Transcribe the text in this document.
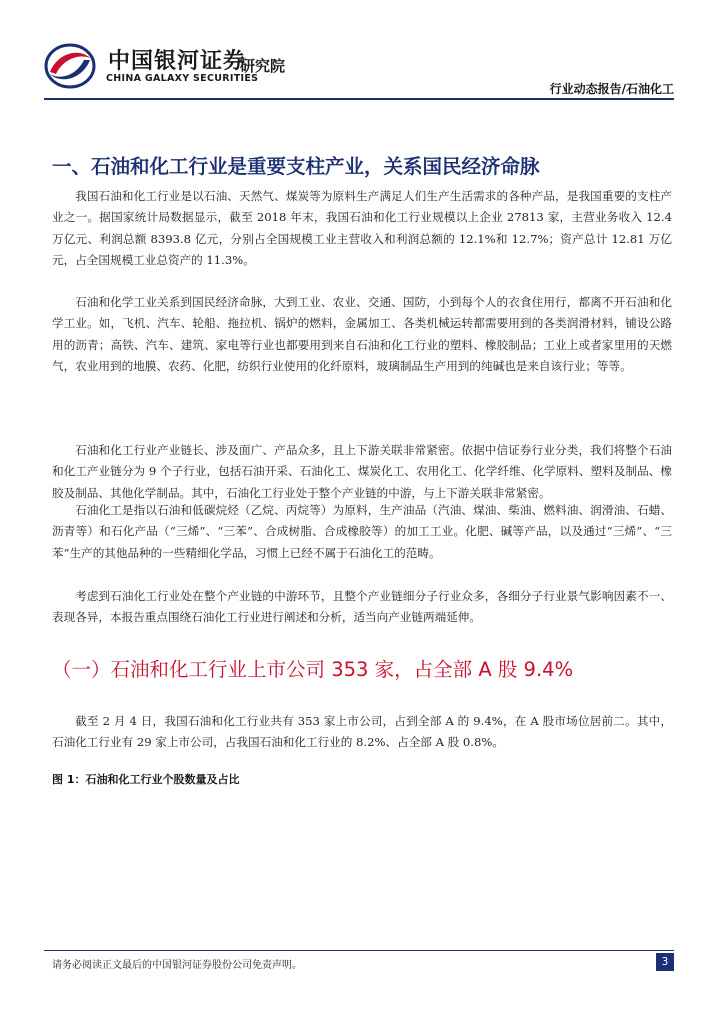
中国银河证券
CHINA GALAXY SECURITIES
研究院
行业动态报告/石油化工
一、石油和化工行业是重要支柱产业，关系国民经济命脉
我国石油和化工行业是以石油、天然气、煤炭等为原料生产满足人们生产生活需求的各种产品，是我国重要的支柱产业之一。据国家统计局数据显示，截至 2018 年末，我国石油和化工行业规模以上企业 27813 家，主营业务收入 12.4 万亿元、利润总额 8393.8 亿元，分别占全国规模工业主营收入和利润总额的 12.1%和 12.7%；资产总计 12.81 万亿元，占全国规模工业总资产的 11.3%。
石油和化学工业关系到国民经济命脉，大到工业、农业、交通、国防，小到每个人的衣食住用行，都离不开石油和化学工业。如，飞机、汽车、轮船、拖拉机、锅炉的燃料，金属加工、各类机械运转都需要用到的各类润滑材料，铺设公路用的沥青；高铁、汽车、建筑、家电等行业也都要用到来自石油和化工行业的塑料、橡胶制品；工业上或者家里用的天燃气，农业用到的地膜、农药、化肥，纺织行业使用的化纤原料，玻璃制品生产用到的纯碱也是来自该行业；等等。
石油和化工行业产业链长、涉及面广、产品众多，且上下游关联非常紧密。依据中信证券行业分类，我们将整个石油和化工产业链分为 9 个子行业，包括石油开采、石油化工、煤炭化工、农用化工、化学纤维、化学原料、塑料及制品、橡胶及制品、其他化学制品。其中，石油化工行业处于整个产业链的中游，与上下游关联非常紧密。
石油化工是指以石油和低碳烷烃（乙烷、丙烷等）为原料，生产油品（汽油、煤油、柴油、燃料油、润滑油、石蜡、沥青等）和石化产品（“三烯”、“三苯”、合成树脂、合成橡胶等）的加工工业。化肥、碱等产品，以及通过“三烯”、“三苯”生产的其他品种的一些精细化学品，习惯上已经不属于石油化工的范畴。
考虑到石油化工行业处在整个产业链的中游环节，且整个产业链细分子行业众多，各细分子行业景气影响因素不一、表现各异，本报告重点围绕石油化工行业进行阐述和分析，适当向产业链两端延伸。
（一）石油和化工行业上市公司 353 家，占全部 A 股 9.4%
截至 2 月 4 日，我国石油和化工行业共有 353 家上市公司，占到全部 A 的 9.4%，在 A 股市场位居前二。其中，石油化工行业有 29 家上市公司，占我国石油和化工行业的 8.2%、占全部 A 股 0.8%。
图 1：石油和化工行业个股数量及占比
请务必阅读正文最后的中国银河证券股份公司免责声明。	3
